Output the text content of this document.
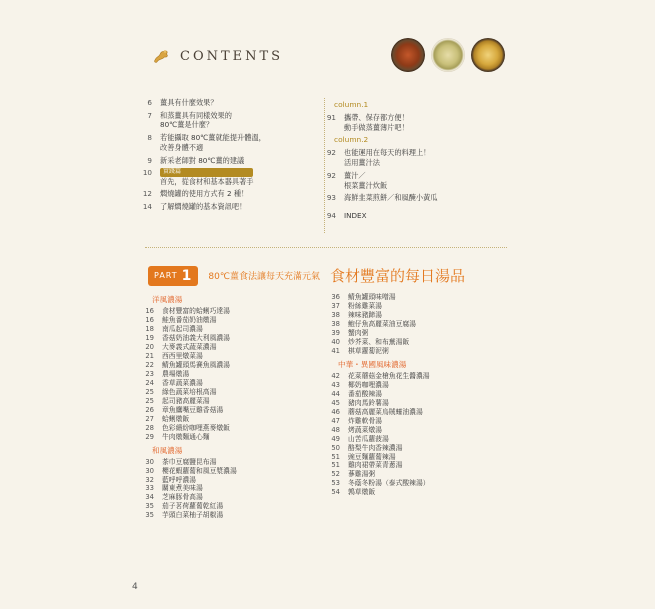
CONTENTS
6 薑具有什麼效果？
7 和蒸薑具有同樣效果的
80℃薑是什麼？
8 若能攝取 80℃薑就能提升體溫，
改善身體不適
9 新采老師對 80℃薑的建議
10	實踐篇
首先，從食材和基本器具著手
12 燜燒罐的使用方式有 2 種！
14 了解燜燒罐的基本資訊吧！
column.1
91 攜帶、保存都方便！
動手做蒸薑薄片吧！
column.2
92 也能運用在每天的料理上！
活用薑汁法
92 薑汁／
根菜薑汁炊飯
93 海鮮韭菜煎餅／和風醃小黃瓜
94 INDEX
PART 1 80℃薑食法讓每天充滿元氣 食材豐富的每日湯品
洋風濃湯
16 食材豐富的蛤蜊巧達湯
16 鮭魚番茄奶油燉湯
18 南瓜起司濃湯
19 香菇奶油義大利風濃湯
20 大麥義式蔬菜濃湯
21 西西里燉菜湯
22 鯖魚罐頭馬賽魚風濃湯
23 農場燉湯
24 香草蔬菜濃湯
25 綠色蔬菜培根高湯
25 起司豬高麗菜湯
26 章魚鷹嘴豆雞香菇湯
27 蛤蜊燉飯
28 色彩繽紛咖哩燕麥燉飯
29 牛肉燉麵通心麵
和風濃湯
30 茶巾豆腐鹽昆布湯
30 櫻花蝦蘿蔔和風豆漿濃湯
32 藍呼呼濃湯
33 關東煮美味湯
34 芝麻豚骨高湯
35 茄子茗荷蘿蔔乾紅湯
35 芋頭白菜柚子胡椒湯
36 鯖魚罐頭味噌湯
37 粉絲雞菜湯
38 辣味豬蹄湯
38 鮑仔魚高麗菜油豆腐湯
39 蟹肉粥
40 炒芥菜、和布蕪湯飯
41 棋草蘿蔔泥粥
中華・異國風味濃湯
42 花菜蘑菇金槍魚花生醬濃湯
43 椰奶咖哩濃湯
44 番茄酸辣湯
45 豬肉馬鈴薯湯
46 蘑菇高麗菜烏賊蠔油濃湯
47 炸雞軟骨湯
48 烤蔬菜燉湯
49 山苦瓜蘿菠湯
50 酪梨牛肉香辣濃湯
51 豌豆麵蘿蔔辣湯
51 雞肉裙帶菜青蔥湯
52 蔘雞湯粥
53 冬蔭冬粉湯（泰式酸辣湯）
54 鶉草燉飯
4
